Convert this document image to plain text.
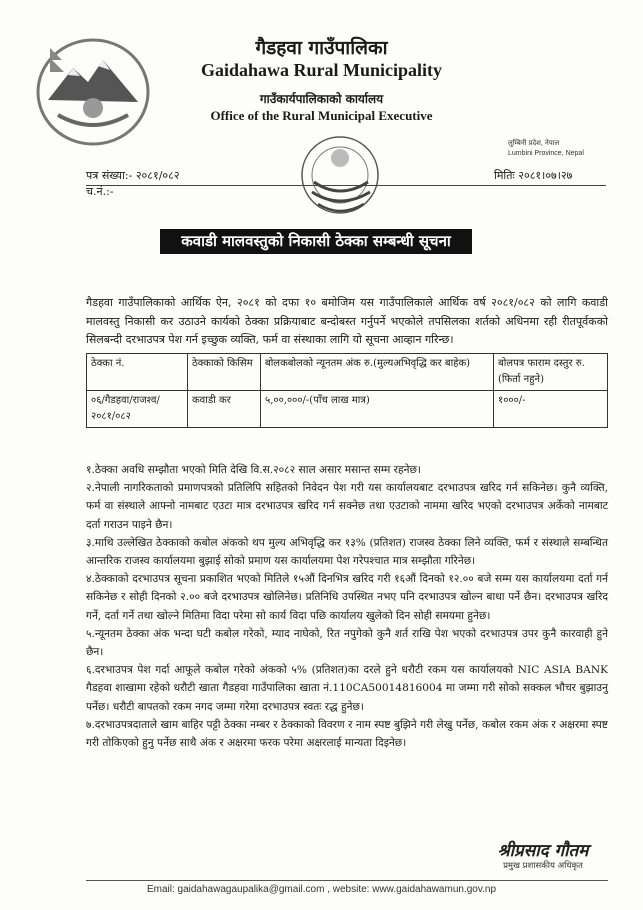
गैडहवा गाउँपालिका
Gaidahawa Rural Municipality
गाउँकार्यपालिकाको कार्यालय
Office of the Rural Municipal Executive
लुम्बिनी प्रदेश, नेपाल
Lumbini Province, Nepal
पत्र संख्या:- २०८१/०८२
च.नं.:-
मितिः २०८१।०७।२७
कवाडी मालवस्तुको निकासी ठेक्का सम्बन्धी सूचना
गैडहवा गाउँपालिकाको आर्थिक ऐन, २०८१ को दफा १० बमोजिम यस गाउँपालिकाले आर्थिक वर्ष २०८१/०८२ को लागि कवाडी मालवस्तु निकासी कर उठाउने कार्यको ठेक्का प्रक्रियाबाट बन्दोबस्त गर्नुपर्ने भएकोले तपसिलका शर्तको अधिनमा रही रीतपूर्वकको सिलबन्दी दरभाउपत्र पेश गर्न इच्छुक व्यक्ति, फर्म वा संस्थाका लागि यो सूचना आव्हान गरिन्छ।
ठेक्का नं.	ठेक्काको किसिम	बोलकबोलको न्यूनतम अंक रु.(मुल्यअभिवृद्धि कर बाहेक)	बोलपत्र फाराम दस्तुर रु.(फिर्ता नहुने)
०६/गैडहवा/राजश्व/२०८१/०८२	कवाडी कर	५,००,०००/-(पाँच लाख मात्र)	१०००/-

१.ठेक्का अवधि सम्झौता भएको मिति देखि वि.स.२०८२ साल असार मसान्त सम्म रहनेछ।

२.नेपाली नागरिकताको प्रमाणपत्रको प्रतिलिपि सहितको निवेदन पेश गरी यस कार्यालयबाट दरभाउपत्र खरिद गर्न सकिनेछ। कुनै व्यक्ति, फर्म वा संस्थाले आफ्नो नामबाट एउटा मात्र दरभाउपत्र खरिद गर्न सक्नेछ तथा एउटाको नाममा खरिद भएको दरभाउपत्र अर्केको नामबाट दर्ता गराउन पाइने छैन।

३.माथि उल्लेखित ठेक्काको कबोल अंकको थप मुल्य अभिवृद्धि कर १३% (प्रतिशत) राजस्व ठेक्का लिने व्यक्ति, फर्म र संस्थाले सम्बन्धित आन्तरिक राजस्व कार्यालयमा बुझाई सोको प्रमाण यस कार्यालयमा पेश गरेपश्चात मात्र सम्झौता गरिनेछ।

४.ठेक्काको दरभाउपत्र सूचना प्रकाशित भएको मितिले १५औं दिनभित्र खरिद गरी १६औं दिनको १२.०० बजे सम्म यस कार्यालयमा दर्ता गर्न सकिनेछ र सोही दिनको २.०० बजे दरभाउपत्र खोलिनेछ। प्रतिनिधि उपस्थित नभए पनि दरभाउपत्र खोल्न बाधा पर्ने छैन। दरभाउपत्र खरिद गर्ने, दर्ता गर्ने तथा खोल्ने मितिमा विदा परेमा सो कार्य विदा पछि कार्यालय खुलेको दिन सोही समयमा हुनेछ।

५.न्यूनतम ठेक्का अंक भन्दा घटी कबोल गरेको, म्याद नाघेको, रित नपुगेको कुनै शर्त राखि पेश भएको दरभाउपत्र उपर कुनै कारवाही हुने छैन।

६.दरभाउपत्र पेश गर्दा आफूले कबोल गरेको अंकको ५% (प्रतिशत)का दरले हुने धरौटी रकम यस कार्यालयको NIC ASIA BANK गैडहवा शाखामा रहेको धरौटी खाता गैडहवा गाउँपालिका खाता नं.110CA50014816004 मा जम्मा गरी सोको सक्कल भौचर बुझाउनु पर्नेछ। धरौटी बापतको रकम नगद जम्मा गरेमा दरभाउपत्र स्वतः रद्ध हुनेछ।

७.दरभाउपत्रदाताले खाम बाहिर पट्टी ठेक्का नम्बर र ठेक्काको विवरण र नाम स्पष्ट बुझिने गरी लेखु पर्नेछ, कबोल रकम अंक र अक्षरमा स्पष्ट गरी तोकिएको हुनु पर्नेछ साथै अंक र अक्षरमा फरक परेमा अक्षरलाई मान्यता दिइनेछ।

श्रीप्रसाद गौतम
प्रमुख प्रशासकीय अधिकृत
Email: gaidahawagaupalika@gmail.com , website: www.gaidahawamun.gov.np
